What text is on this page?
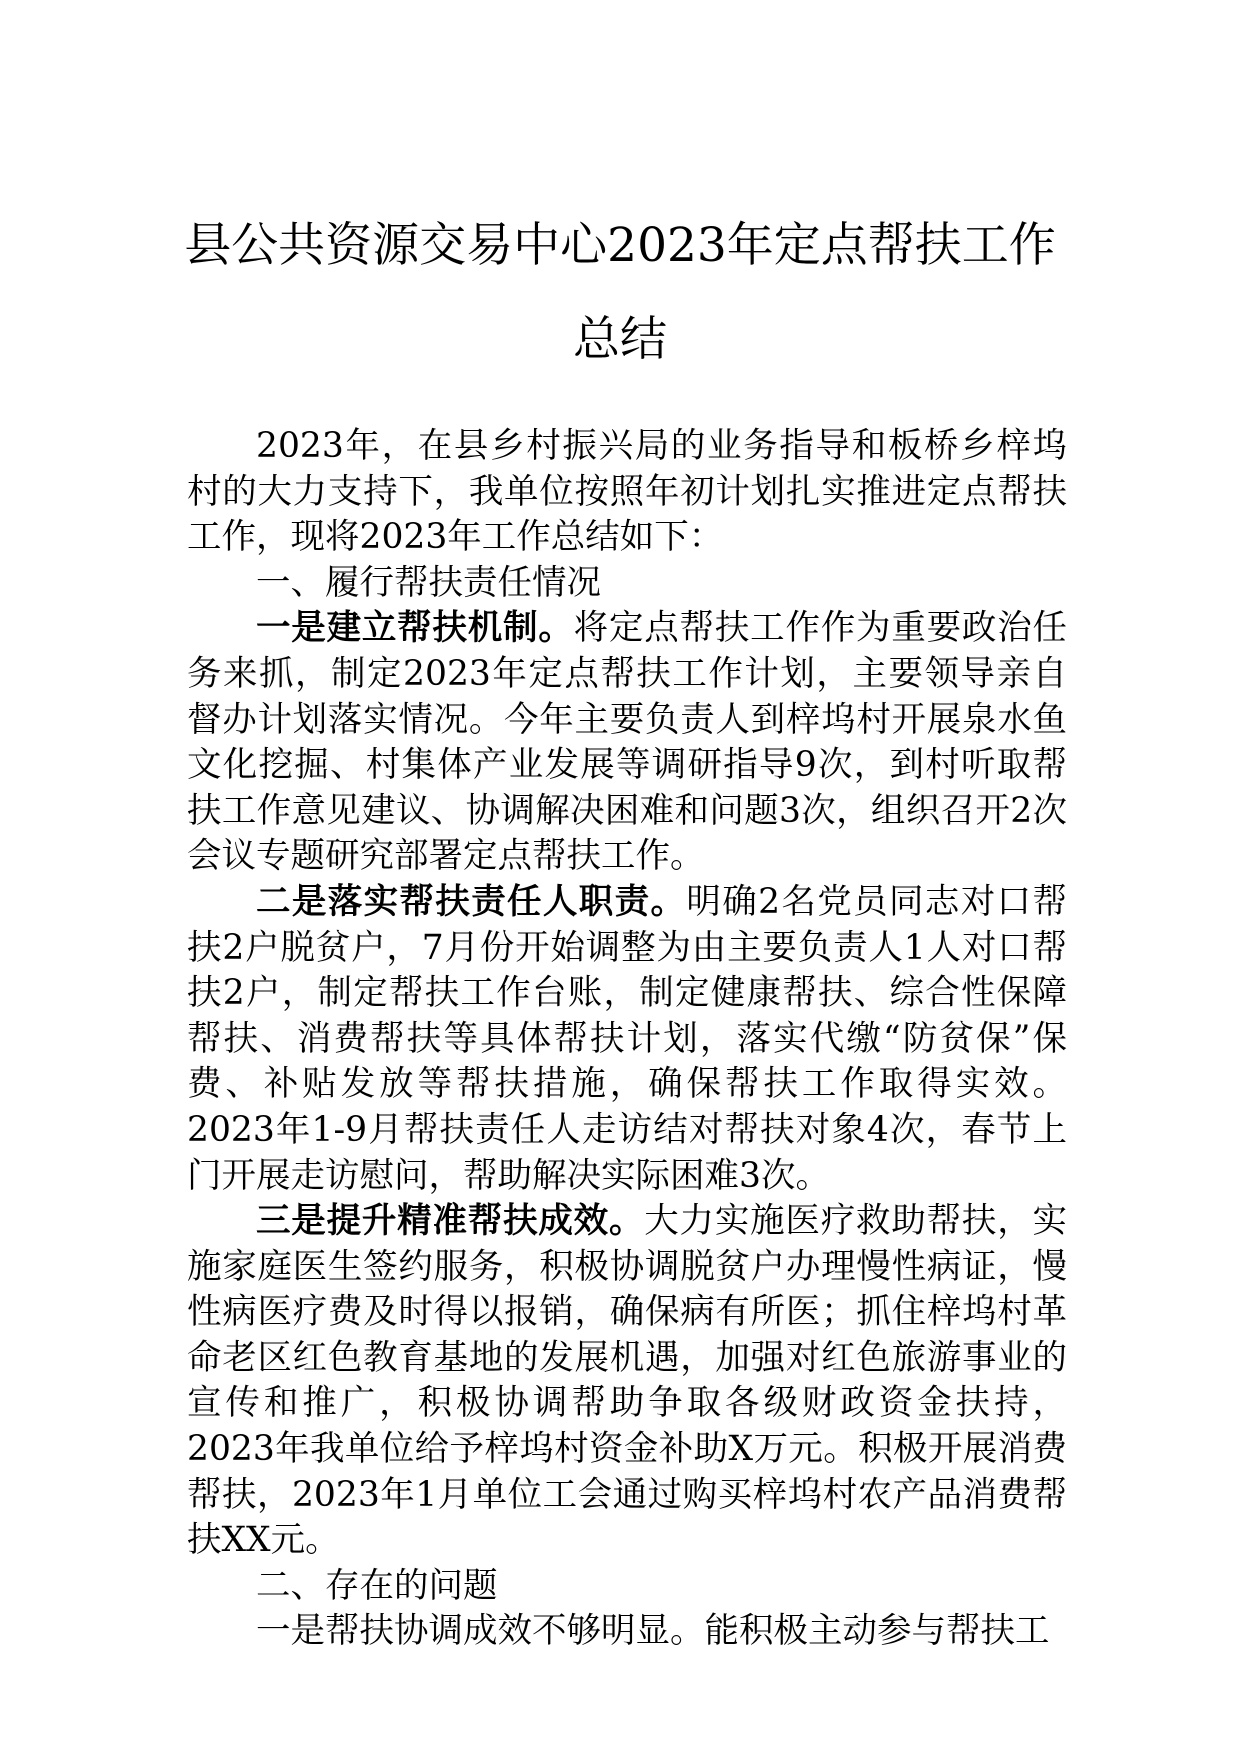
县公共资源交易中心2023年定点帮扶工作
总结

2023年，在县乡村振兴局的业务指导和板桥乡梓坞村的大力支持下，我单位按照年初计划扎实推进定点帮扶工作，现将2023年工作总结如下：

一、履行帮扶责任情况

一是建立帮扶机制。将定点帮扶工作作为重要政治任务来抓，制定2023年定点帮扶工作计划，主要领导亲自督办计划落实情况。今年主要负责人到梓坞村开展泉水鱼文化挖掘、村集体产业发展等调研指导9次，到村听取帮扶工作意见建议、协调解决困难和问题3次，组织召开2次会议专题研究部署定点帮扶工作。

二是落实帮扶责任人职责。明确2名党员同志对口帮扶2户脱贫户，7月份开始调整为由主要负责人1人对口帮扶2户，制定帮扶工作台账，制定健康帮扶、综合性保障帮扶、消费帮扶等具体帮扶计划，落实代缴“防贫保”保费、补贴发放等帮扶措施，确保帮扶工作取得实效。2023年1-9月帮扶责任人走访结对帮扶对象4次，春节上门开展走访慰问，帮助解决实际困难3次。

三是提升精准帮扶成效。大力实施医疗救助帮扶，实施家庭医生签约服务，积极协调脱贫户办理慢性病证，慢性病医疗费及时得以报销，确保病有所医；抓住梓坞村革命老区红色教育基地的发展机遇，加强对红色旅游事业的宣传和推广，积极协调帮助争取各级财政资金扶持，2023年我单位给予梓坞村资金补助X万元。积极开展消费帮扶，2023年1月单位工会通过购买梓坞村农产品消费帮扶XX元。

二、存在的问题

一是帮扶协调成效不够明显。能积极主动参与帮扶工
